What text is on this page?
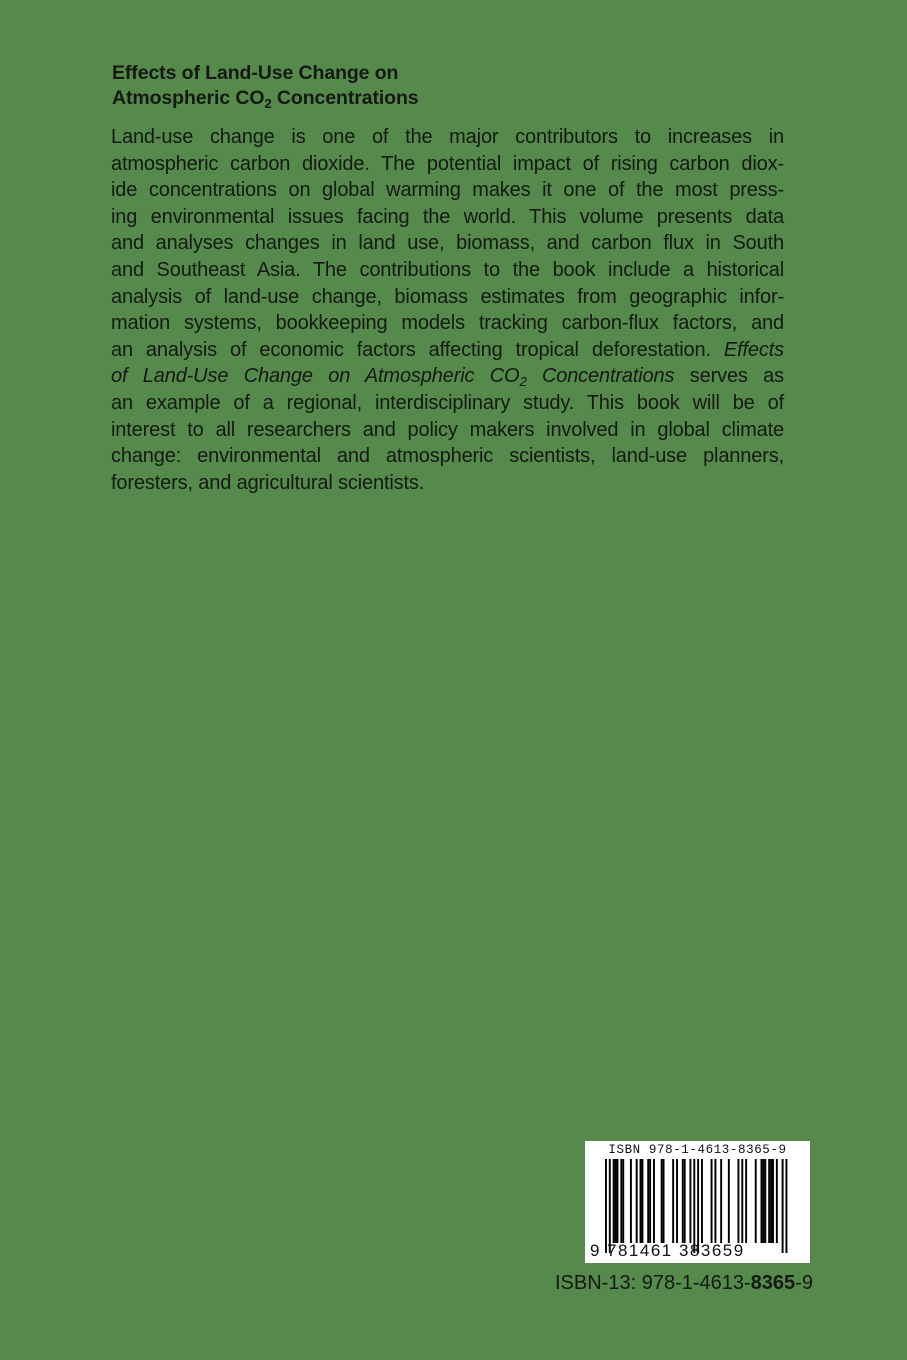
Effects of Land-Use Change on
Atmospheric $CO_2$ Concentrations
Land-use change is one of the major contributors to increases in
atmospheric carbon dioxide. The potential impact of rising carbon diox-
ide concentrations on global warming makes it one of the most press-
ing environmental issues facing the world. This volume presents data
and analyses changes in land use, biomass, and carbon flux in South
and Southeast Asia. The contributions to the book include a historical
analysis of land-use change, biomass estimates from geographic infor-
mation systems, bookkeeping models tracking carbon-flux factors, and
an analysis of economic factors affecting tropical deforestation. Effects
of Land-Use Change on Atmospheric $CO_2$ Concentrations serves as
an example of a regional, interdisciplinary study. This book will be of
interest to all researchers and policy makers involved in global climate
change: environmental and atmospheric scientists, land-use planners,
foresters, and agricultural scientists.
ISBN 978-1-4613-8365-9
9 781461 383659
ISBN-13: 978-1-4613-8365-9
